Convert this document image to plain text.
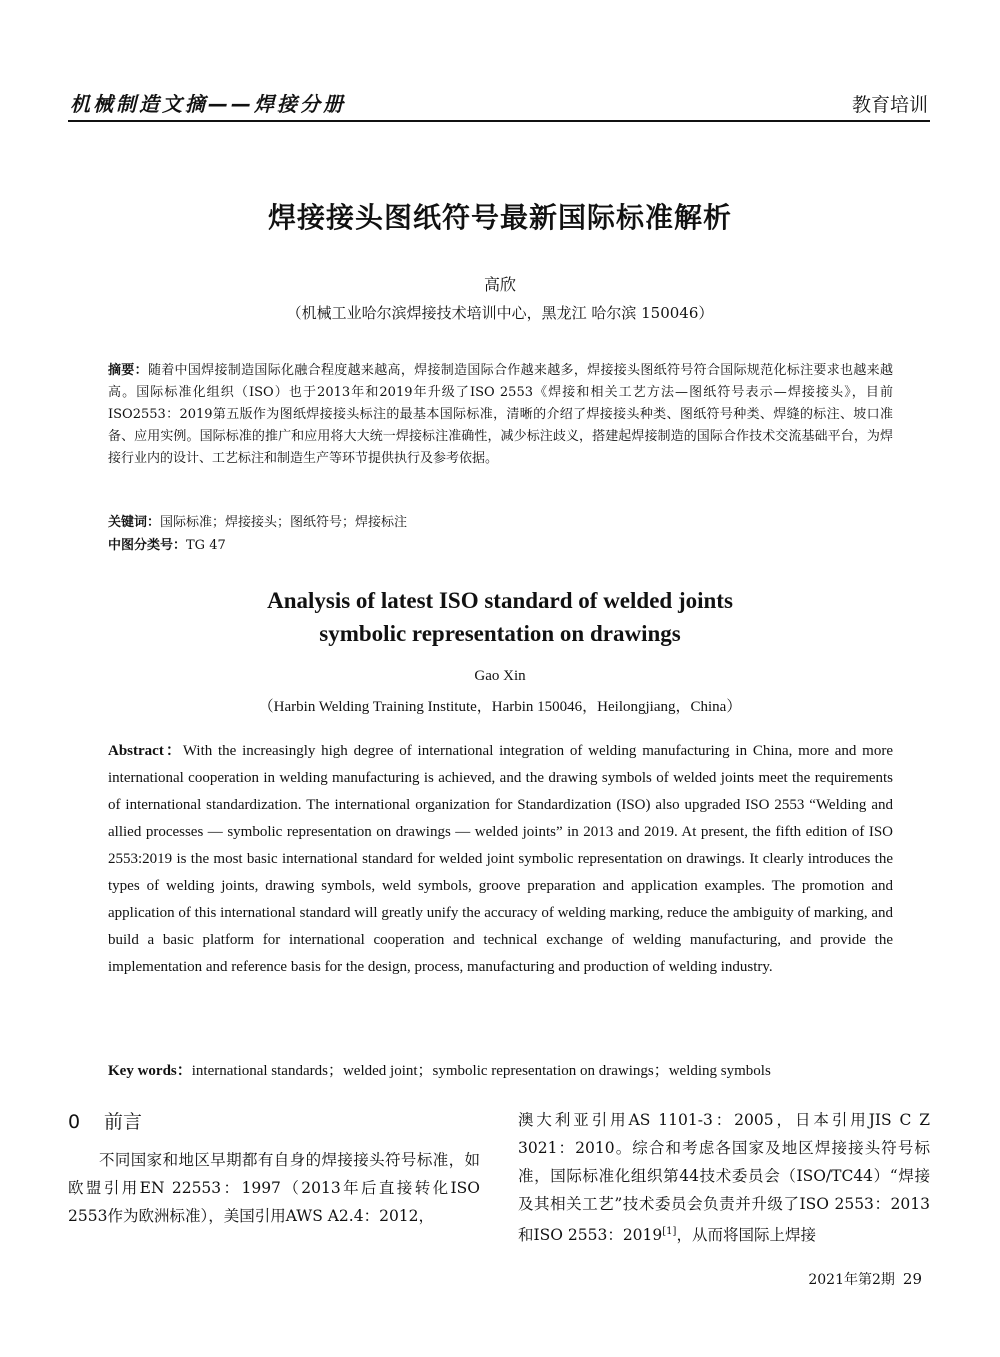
机械制造文摘——焊接分册	教育培训
焊接接头图纸符号最新国际标准解析
高欣
（机械工业哈尔滨焊接技术培训中心，黑龙江 哈尔滨 150046）
摘要：随着中国焊接制造国际化融合程度越来越高，焊接制造国际合作越来越多，焊接接头图纸符号符合国际规范化标注要求也越来越高。国际标准化组织（ISO）也于2013年和2019年升级了ISO 2553《焊接和相关工艺方法—图纸符号表示—焊接接头》，目前ISO2553：2019第五版作为图纸焊接接头标注的最基本国际标准，清晰的介绍了焊接接头种类、图纸符号种类、焊缝的标注、坡口准备、应用实例。国际标准的推广和应用将大大统一焊接标注准确性，减少标注歧义，搭建起焊接制造的国际合作技术交流基础平台，为焊接行业内的设计、工艺标注和制造生产等环节提供执行及参考依据。
关键词：国际标准；焊接接头；图纸符号；焊接标注
中图分类号：TG 47
Analysis of latest ISO standard of welded joints
symbolic representation on drawings
Gao Xin
（Harbin Welding Training Institute，Harbin 150046，Heilongjiang，China）
Abstract：With the increasingly high degree of international integration of welding manufacturing in China, more and more international cooperation in welding manufacturing is achieved, and the drawing symbols of welded joints meet the requirements of international standardization. The international organization for Standardization (ISO) also upgraded ISO 2553 “Welding and allied processes — symbolic representation on drawings — welded joints” in 2013 and 2019. At present, the fifth edition of ISO 2553:2019 is the most basic international standard for welded joint symbolic representation on drawings. It clearly introduces the types of welding joints, drawing symbols, weld symbols, groove preparation and application examples. The promotion and application of this international standard will greatly unify the accuracy of welding marking, reduce the ambiguity of marking, and build a basic platform for international cooperation and technical exchange of welding manufacturing, and provide the implementation and reference basis for the design, process, manufacturing and production of welding industry.
Key words：international standards；welded joint；symbolic representation on drawings；welding symbols
0 前言
不同国家和地区早期都有自身的焊接接头符号标准，如欧盟引用EN 22553：1997（2013年后直接转化ISO 2553作为欧洲标准），美国引用AWS A2.4：2012，
澳大利亚引用AS 1101-3：2005，日本引用JIS C Z 3021：2010。综合和考虑各国家及地区焊接接头符号标准，国际标准化组织第44技术委员会（ISO/TC44）“焊接及其相关工艺”技术委员会负责并升级了ISO 2553：2013和ISO 2553：2019[1]，从而将国际上焊接
2021年第2期 29
